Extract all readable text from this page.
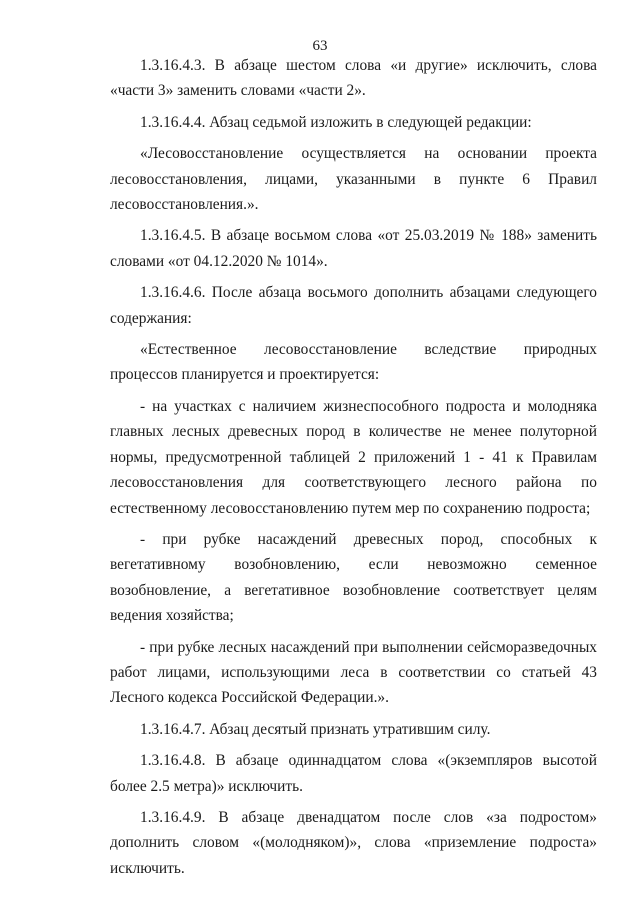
63

1.3.16.4.3. В абзаце шестом слова «и другие» исключить, слова «части 3» заменить словами «части 2».

1.3.16.4.4. Абзац седьмой изложить в следующей редакции:

«Лесовосстановление осуществляется на основании проекта лесовосстановления, лицами, указанными в пункте 6 Правил лесовосстановления.».

1.3.16.4.5. В абзаце восьмом слова «от 25.03.2019 № 188» заменить словами «от 04.12.2020 № 1014».

1.3.16.4.6. После абзаца восьмого дополнить абзацами следующего содержания:

«Естественное лесовосстановление вследствие природных процессов планируется и проектируется:

- на участках с наличием жизнеспособного подроста и молодняка главных лесных древесных пород в количестве не менее полуторной нормы, предусмотренной таблицей 2 приложений 1 - 41 к Правилам лесовосстановления для соответствующего лесного района по естественному лесовосстановлению путем мер по сохранению подроста;

- при рубке насаждений древесных пород, способных к вегетативному возобновлению, если невозможно семенное возобновление, а вегетативное возобновление соответствует целям ведения хозяйства;

- при рубке лесных насаждений при выполнении сейсморазведочных работ лицами, использующими леса в соответствии со статьей 43 Лесного кодекса Российской Федерации.».

1.3.16.4.7. Абзац десятый признать утратившим силу.

1.3.16.4.8. В абзаце одиннадцатом слова «(экземпляров высотой более 2.5 метра)» исключить.

1.3.16.4.9. В абзаце двенадцатом после слов «за подростом» дополнить словом «(молодняком)», слова «приземление подроста» исключить.
